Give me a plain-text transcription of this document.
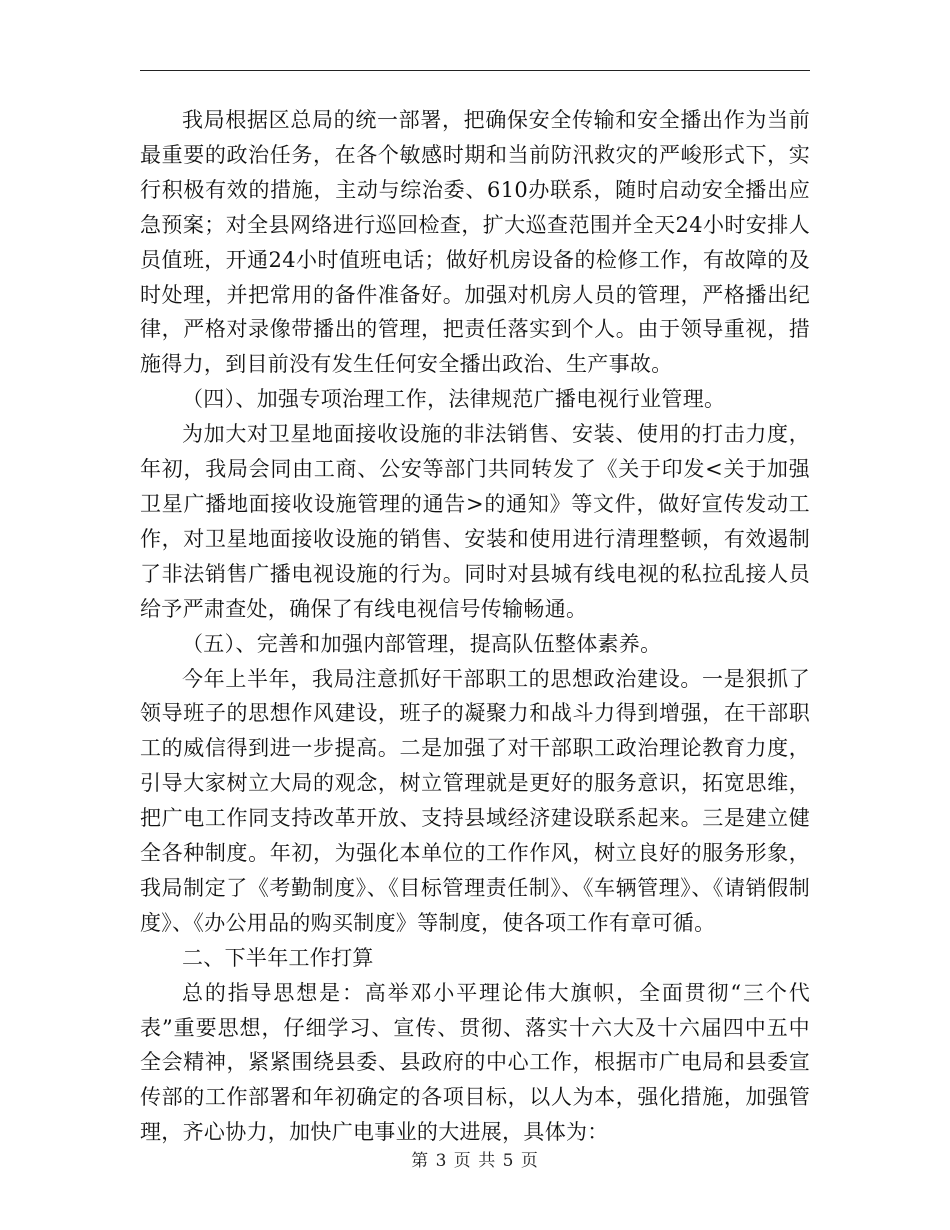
我局根据区总局的统一部署，把确保安全传输和安全播出作为当前最重要的政治任务，在各个敏感时期和当前防汛救灾的严峻形式下，实行积极有效的措施，主动与综治委、610办联系，随时启动安全播出应急预案；对全县网络进行巡回检查，扩大巡查范围并全天24小时安排人员值班，开通24小时值班电话；做好机房设备的检修工作，有故障的及时处理，并把常用的备件准备好。加强对机房人员的管理，严格播出纪律，严格对录像带播出的管理，把责任落实到个人。由于领导重视，措施得力，到目前没有发生任何安全播出政治、生产事故。

（四）、加强专项治理工作，法律规范广播电视行业管理。

为加大对卫星地面接收设施的非法销售、安装、使用的打击力度，年初，我局会同由工商、公安等部门共同转发了《关于印发<关于加强卫星广播地面接收设施管理的通告>的通知》等文件，做好宣传发动工作，对卫星地面接收设施的销售、安装和使用进行清理整顿，有效遏制了非法销售广播电视设施的行为。同时对县城有线电视的私拉乱接人员给予严肃查处，确保了有线电视信号传输畅通。

（五）、完善和加强内部管理，提高队伍整体素养。

今年上半年，我局注意抓好干部职工的思想政治建设。一是狠抓了领导班子的思想作风建设，班子的凝聚力和战斗力得到增强，在干部职工的威信得到进一步提高。二是加强了对干部职工政治理论教育力度，引导大家树立大局的观念，树立管理就是更好的服务意识，拓宽思维，把广电工作同支持改革开放、支持县域经济建设联系起来。三是建立健全各种制度。年初，为强化本单位的工作作风，树立良好的服务形象，我局制定了《考勤制度》、《目标管理责任制》、《车辆管理》、《请销假制度》、《办公用品的购买制度》等制度，使各项工作有章可循。

二、下半年工作打算

总的指导思想是：高举邓小平理论伟大旗帜，全面贯彻“三个代表”重要思想，仔细学习、宣传、贯彻、落实十六大及十六届四中五中全会精神，紧紧围绕县委、县政府的中心工作，根据市广电局和县委宣传部的工作部署和年初确定的各项目标，以人为本，强化措施，加强管理，齐心协力，加快广电事业的大进展，具体为：

第 3 页 共 5 页
